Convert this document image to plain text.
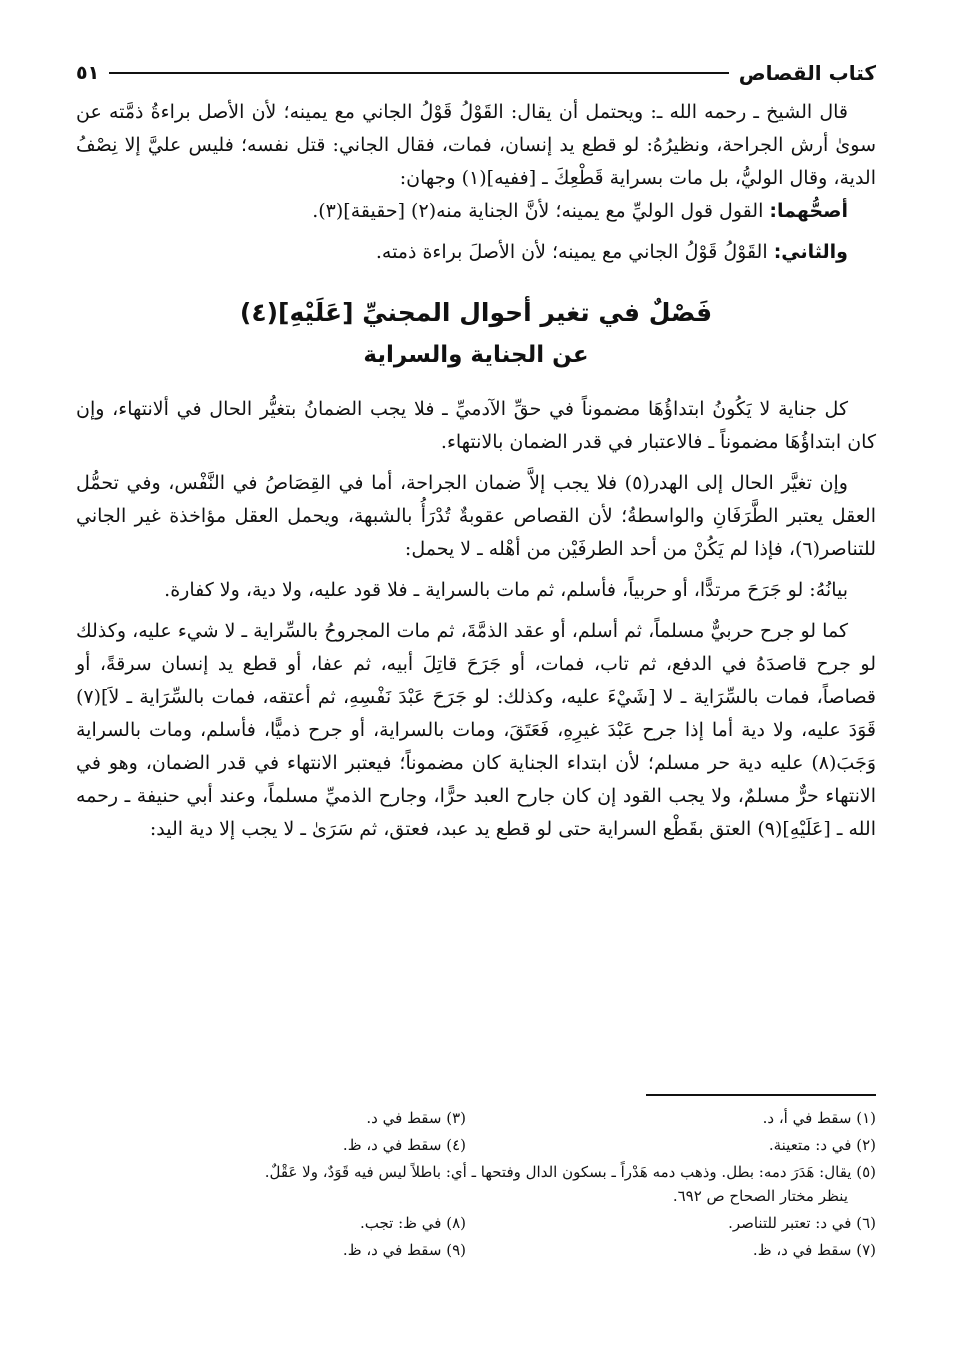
كتاب القصاص
٥١

قال الشيخ ـ رحمه الله ـ: ويحتمل أن يقال: القَوْلُ قَوْلُ الجاني مع يمينه؛ لأن الأصل براءةُ ذمَّته عن سوىٰ أرش الجراحة، ونظيرُهُ: لو قطع يد إنسان، فمات، فقال الجاني: قتل نفسه؛ فليس عليَّ إلا نِصْفُ الدية، وقال الوليُّ، بل مات بسراية قَطْعِكَ ـ [ففيه](١) وجهان:

أصحُّهما: القول قول الوليِّ مع يمينه؛ لأنَّ الجناية منه(٢) [حقيقة](٣).

والثاني: القَوْلُ قَوْلُ الجاني مع يمينه؛ لأن الأصلَ براءة ذمته.

فَصْلٌ في تغير أحوال المجنيِّ [عَلَيْهِ](٤)
عن الجناية والسراية

كل جناية لا يَكُونُ ابتداؤُهَا مضموناً في حقِّ الآدميِّ ـ فلا يجب الضمانُ بتغيُّر الحال في ألانتهاء، وإن كان ابتداؤُهَا مضموناً ـ فالاعتبار في قدر الضمان بالانتهاء.

وإن تغيَّر الحال إلى الهدر(٥) فلا يجب إلاَّ ضمان الجراحة، أما في القِصَاصُ في النَّفْس، وفي تحمُّل العقل يعتبر الطَّرَفَانِ والواسطةُ؛ لأن القصاص عقوبةٌ تُدْرَأُ بالشبهة، ويحمل العقل مؤاخذة غير الجاني للتناصر(٦)، فإذا لم يَكُنْ من أحد الطرفَيْن من أهْله ـ لا يحمل:

بيانُهُ: لو جَرَحَ مرتدًّا، أو حربياً، فأسلم، ثم مات بالسراية ـ فلا قود عليه، ولا دية، ولا كفارة.

كما لو جرح حربيٌّ مسلماً، ثم أسلم، أو عقد الذمَّةَ، ثم مات المجروحُ بالسِّراية ـ لا شيء عليه، وكذلك لو جرح قاصدَهُ في الدفع، ثم تاب، فمات، أو جَرَحَ قاتِلَ أبيه، ثم عفا، أو قطع يد إنسان سرقةً، أو قصاصاً، فمات بالسِّرَاية ـ لا [شَيْءَ عليه، وكذلك: لو جَرَحَ عَبْدَ نَفْسِهِ، ثم أعتقه، فمات بالسِّرَاية ـ لاَ](٧) قَوَدَ عليه، ولا دية أما إذا جرح عَبْدَ غيرِهِ، فَعَتَقَ، ومات بالسراية، أو جرح ذميًّا، فأسلم، ومات بالسراية وَجَبَ(٨) عليه دية حر مسلم؛ لأن ابتداء الجناية كان مضموناً؛ فيعتبر الانتهاء في قدر الضمان، وهو في الانتهاء حرٌّ مسلمٌ، ولا يجب القود إن كان جارح العبد حرًّا، وجارح الذميِّ مسلماً، وعند أبي حنيفة ـ رحمه الله ـ [عَلَيْهِ](٩) العتق بقَطْع السراية حتى لو قطع يد عبد، فعتق، ثم سَرَىٰ ـ لا يجب إلا دية اليد:

(١) سقط في أ، د.
(٣) سقط في د.
(٢) في د: متعينة.
(٤) سقط في د، ظ.
(٥) يقال: هَدَرَ دمه: بطل. وذهب دمه هَدْراً ـ بسكون الدال وفتحها ـ أي: باطلاً ليس فيه قَوَدٌ، ولا عَقْلٌ.
ينظر مختار الصحاح ص ٦٩٢.
(٦) في د: تعتبر للتناصر.
(٨) في ظ: تجب.
(٧) سقط في د، ظ.
(٩) سقط في د، ظ.
